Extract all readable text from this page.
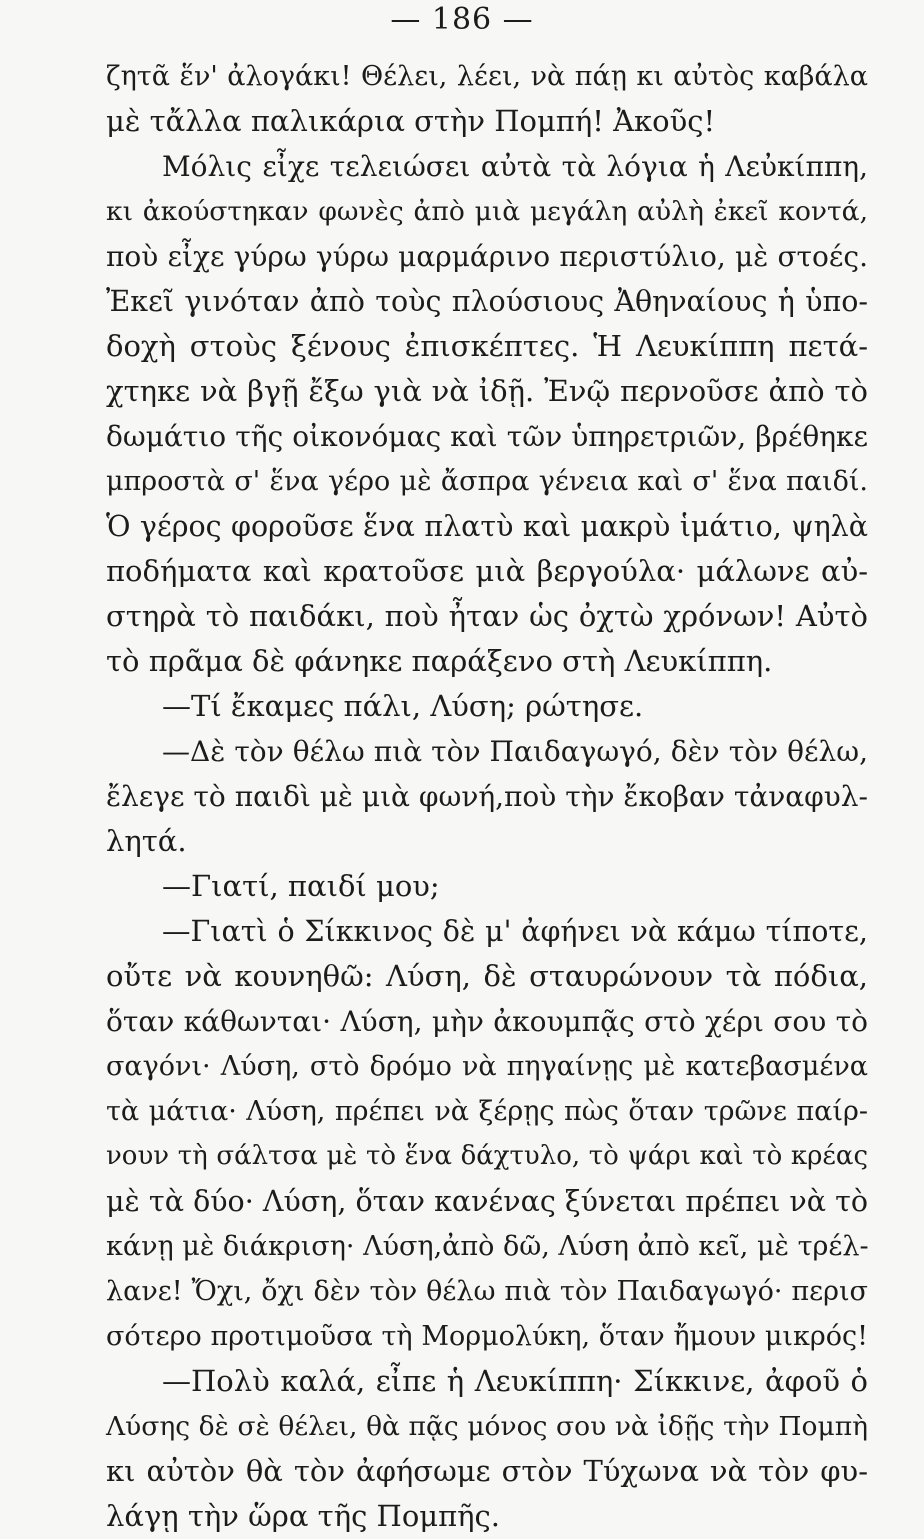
— 186 —
ζητᾶ ἕν' ἀλογάκι! Θέλει, λέει, νὰ πάῃ κι αὐτὸς καβάλα
μὲ τἄλλα παλικάρια στὴν Πομπή! Ἀκοῦς!
Μόλις εἶχε τελειώσει αὐτὰ τὰ λόγια ἡ Λεὐκίππη,
κι ἀκούστηκαν φωνὲς ἀπὸ μιὰ μεγάλη αὐλὴ ἐκεῖ κοντά,
ποὺ εἶχε γύρω γύρω μαρμάρινο περιστύλιο, μὲ στοές.
Ἐκεῖ γινόταν ἀπὸ τοὺς πλούσιους Ἀθηναίους ἡ ὑπο-
δοχὴ στοὺς ξένους ἐπισκέπτες. Ἡ Λευκίππη πετά-
χτηκε νὰ βγῇ ἔξω γιὰ νὰ ἰδῇ. Ἐνῷ περνοῦσε ἀπὸ τὸ
δωμάτιο τῆς οἰκονόμας καὶ τῶν ὑπηρετριῶν, βρέθηκε
μπροστὰ σ' ἕνα γέρο μὲ ἄσπρα γένεια καὶ σ' ἕνα παιδί.
Ὁ γέρος φοροῦσε ἕνα πλατὺ καὶ μακρὺ ἱμάτιο, ψηλὰ
ποδήματα καὶ κρατοῦσε μιὰ βεργούλα· μάλωνε αὐ-
στηρὰ τὸ παιδάκι, ποὺ ἦταν ὡς ὀχτὼ χρόνων! Αὐτὸ
τὸ πρᾶμα δὲ φάνηκε παράξενο στὴ Λευκίππη.
—Τί ἔκαμες πάλι, Λύση; ρώτησε.
—Δὲ τὸν θέλω πιὰ τὸν Παιδαγωγό, δὲν τὸν θέλω,
ἔλεγε τὸ παιδὶ μὲ μιὰ φωνή,ποὺ τὴν ἔκοβαν τἀναφυλ-
λητά.
—Γιατί, παιδί μου;
—Γιατὶ ὁ Σίκκινος δὲ μ' ἀφήνει νὰ κάμω τίποτε,
οὔτε νὰ κουνηθῶ: Λύση, δὲ σταυρώνουν τὰ πόδια,
ὅταν κάθωνται· Λύση, μὴν ἀκουμπᾷς στὸ χέρι σου τὸ
σαγόνι· Λύση, στὸ δρόμο νὰ πηγαίνῃς μὲ κατεβασμένα
τὰ μάτια· Λύση, πρέπει νὰ ξέρῃς πὼς ὅταν τρῶνε παίρ-
νουν τὴ σάλτσα μὲ τὸ ἕνα δάχτυλο, τὸ ψάρι καὶ τὸ κρέας
μὲ τὰ δύο· Λύση, ὅταν κανένας ξύνεται πρέπει νὰ τὸ
κάνῃ μὲ διάκριση· Λύση,ἀπὸ δῶ, Λύση ἀπὸ κεῖ, μὲ τρέλ-
λανε! Ὄχι, ὄχι δὲν τὸν θέλω πιὰ τὸν Παιδαγωγό· περισ
σότερο προτιμοῦσα τὴ Μορμολύκη, ὅταν ἤμουν μικρός!
—Πολὺ καλά, εἶπε ἡ Λευκίππη· Σίκκινε, ἀφοῦ ὁ
Λύσης δὲ σὲ θέλει, θὰ πᾷς μόνος σου νὰ ἰδῇς τὴν Πομπὴ
κι αὐτὸν θὰ τὸν ἀφήσωμε στὸν Τύχωνα νὰ τὸν φυ-
λάγῃ τὴν ὥρα τῆς Πομπῆς.
